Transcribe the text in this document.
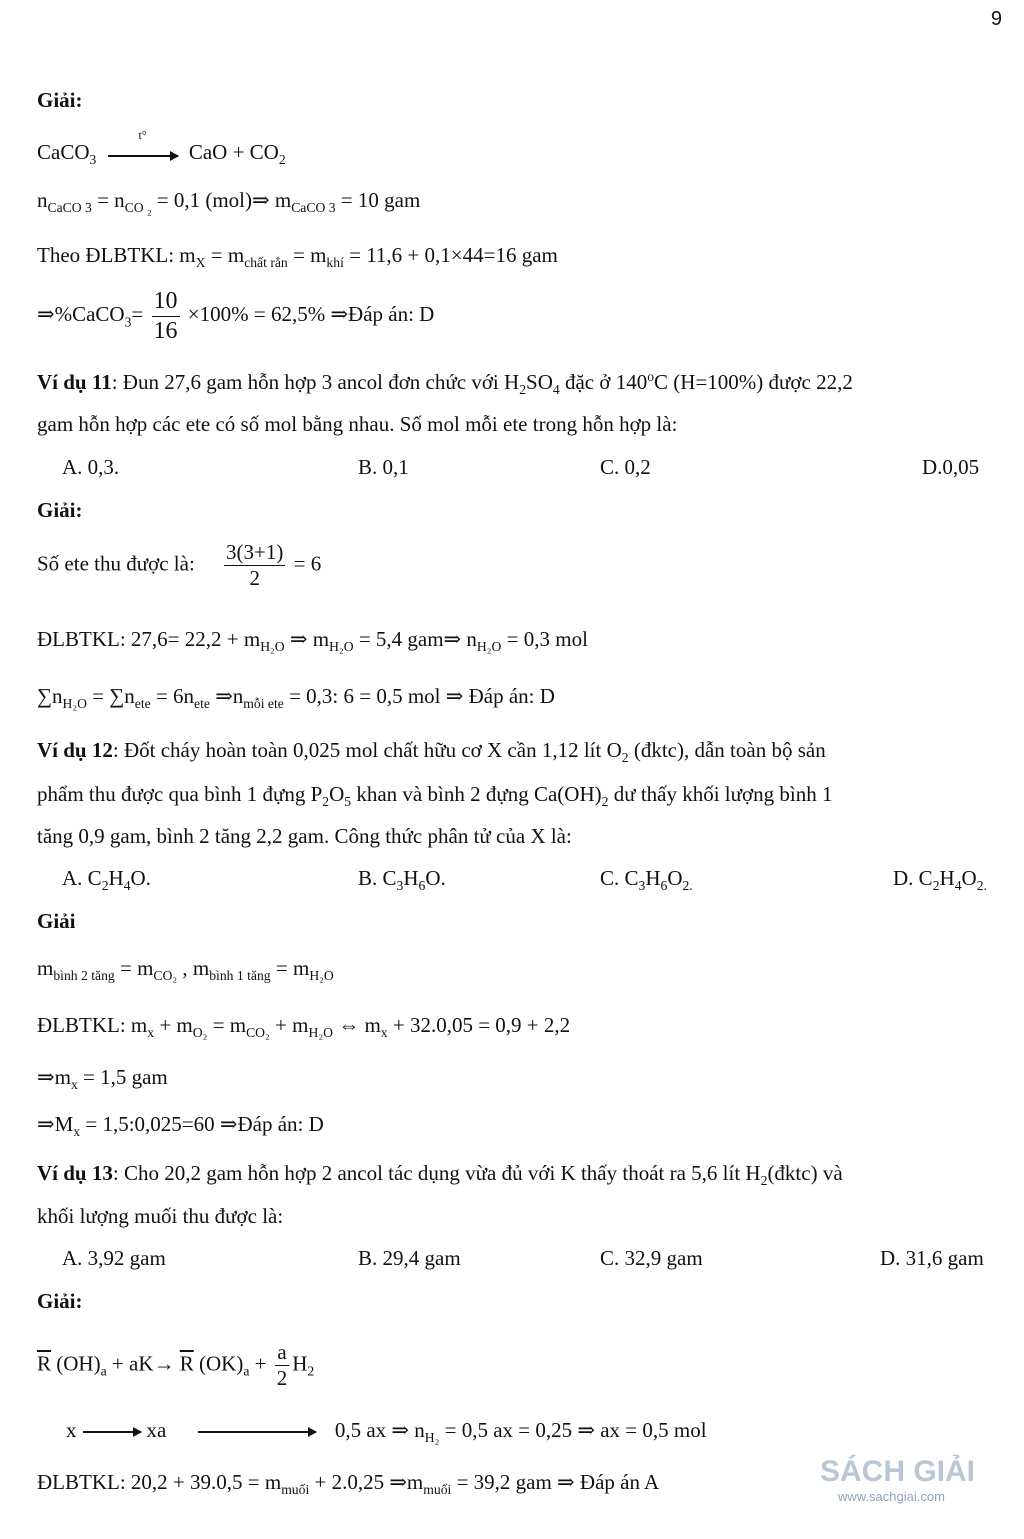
9
Giải:
CaCO$_3$
t°
CaO + $CO_2$
$n_{CaCO 3} = n_{CO _2} = 0,1$ (mol)⇒ $m_{CaCO 3} = 10$ gam
Theo ĐLBTKL: $m_X = m_{chất rắn} = m_{khí} = 11,6 + 0,1\times 44=16$ gam
⇒%CaCO$_3$= $\frac{10}{16} \times 100\% = 62,5\%$ ⇒Đáp án: D
Ví dụ 11: Đun 27,6 gam hỗn hợp 3 ancol đơn chức với $H_2SO_4$ đặc ở 140$^o$C (H=100%) được 22,2
gam hỗn hợp các ete có số mol bằng nhau. Số mol mỗi ete trong hỗn hợp là:
A. 0,3.	B. 0,1	C. 0,2	D.0,05
Giải:
Số ete thu được là: $\frac{3(3+1)}{2} = 6$
ĐLBTKL: $27,6= 22,2 + m_{H_2O}$ ⇒ $m_{H_2O} = 5,4$ gam⇒ $n_{H_2O} = 0,3$ mol
$\sum n_{H_2O} = \sum n_{ete} = 6n_{ete}$ $\Rightarrow n_{mỗi ete} = 0,3$: 6 = 0,5 mol ⇒ Đáp án: D
Ví dụ 12: Đốt cháy hoàn toàn 0,025 mol chất hữu cơ X cần 1,12 lít $O_2$ (đktc), dẫn toàn bộ sản
phẩm thu được qua bình 1 đựng $P_2O_5$ khan và bình 2 đựng $Ca(OH)_2$ dư thấy khối lượng bình 1
tăng 0,9 gam, bình 2 tăng 2,2 gam. Công thức phân tử của X là:
A. $C_2H_4O$.	B. $C_3H_6O$.	C. $C_3H_6O_{2.}$	D. $C_2H_4O_{2.}$
Giải
$m_{bình 2 tăng} = m_{CO_2}$ , $m_{bình 1 tăng} = m_{H_2O}$
ĐLBTKL: $m_x + m_{O_2} = m_{CO_2} + m_{H_2O}$ ⇔ $m_x + 32.0,05 = 0,9 + 2,2$
$\Rightarrow m_x = 1,5$ gam
$\Rightarrow M_x$ = 1,5:0,025=60 ⇒Đáp án: D
Ví dụ 13: Cho 20,2 gam hỗn hợp 2 ancol tác dụng vừa đủ với K thấy thoát ra 5,6 lít $H_2(đktc)$ và
khối lượng muối thu được là:
A. 3,92 gam	B. 29,4 gam	C. 32,9 gam	D. 31,6 gam
Giải:
$\overline{R}$ $(OH)_a + aK\to \overline{R}$ $(OK)_a + \frac{a}{2} H_2$
x	xa	0,5 ax ⇒ $n_{H_2} = 0,5$ ax = 0,25 ⇒ ax = 0,5 mol
ĐLBTKL: $20,2 + 39.0,5 = m_{muối} + 2.0,25$ $\Rightarrow m_{muối} = 39,2$ gam ⇒ Đáp án A	SÁCH GIẢI
www.sachgiai.com
